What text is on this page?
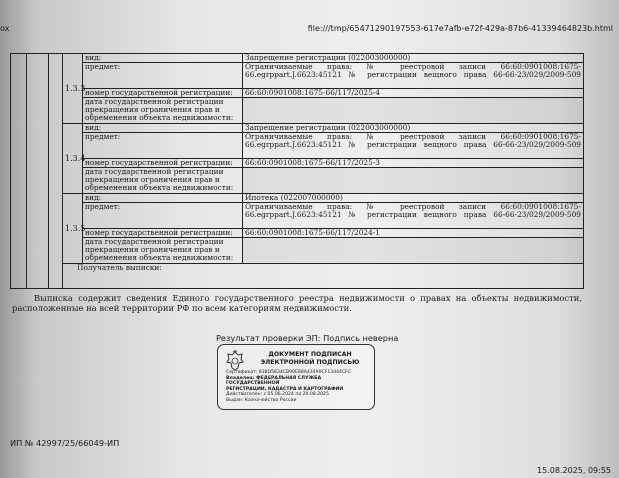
ox	file:///tmp/65471290197553-617e7afb-e72f-429a-87b6-41339464823b.html
			1.3.3	вид:	Запрещение регистрации (022003000000)	
				предмет:	Ограничиваемые права: № реестровой записи 66:60:0901008:1675-66.egrppart.J.6623:45121 № регистрации вещного права 66-66-23/029/2009-509	
				номер государственной регистрации:	66:60:0901008:1675-66/117/2025-4	
				дата государственной регистрации прекращения ограничения прав и обременения объекта недвижимости:		
			1.3.4	вид:	Запрещение регистрации (022003000000)	
				предмет:	Ограничиваемые права: № реестровой записи 66:60:0901008:1675-66.egrppart.J.6623:45121 № регистрации вещного права 66-66-23/029/2009-509	
				номер государственной регистрации:	66:60:0901008:1675-66/117/2025-3	
				дата государственной регистрации прекращения ограничения прав и обременения объекта недвижимости:		
			1.3.5	вид:	Ипотека (022007000000)	
				предмет:	Ограничиваемые права: № реестровой записи 66:60:0901008:1675-66.egrppart.J.6623:45121 № регистрации вещного права 66-66-23/029/2009-509	
				номер государственной регистрации:	66:60:0901008:1675-66/117/2024-1	
				дата государственной регистрации прекращения ограничения прав и обременения объекта недвижимости:		
			Получатель выписки:	
Выписка содержит сведения Единого государственного реестра недвижимости о правах на объекты недвижимости, расположенные на всей территории РФ по всем категориям недвижимости.
Результат проверки ЭП: Подпись неверна
ДОКУМЕНТ ПОДПИСАН
ЭЛЕКТРОННОЙ ПОДПИСЬЮ
Сертификат: 838D5834CB90E88A43490CF13444CFC
Владелец: ФЕДЕРАЛЬНАЯ СЛУЖБА ГОСУДАРСТВЕННОЙ
РЕГИСТРАЦИИ, КАДАСТРА И КАРТОГРАФИИ
Действителен: с 05.06.2024 по 29.08.2025
Выдан: Казначейство России
ИП № 42997/25/66049-ИП
15.08.2025, 09:55
